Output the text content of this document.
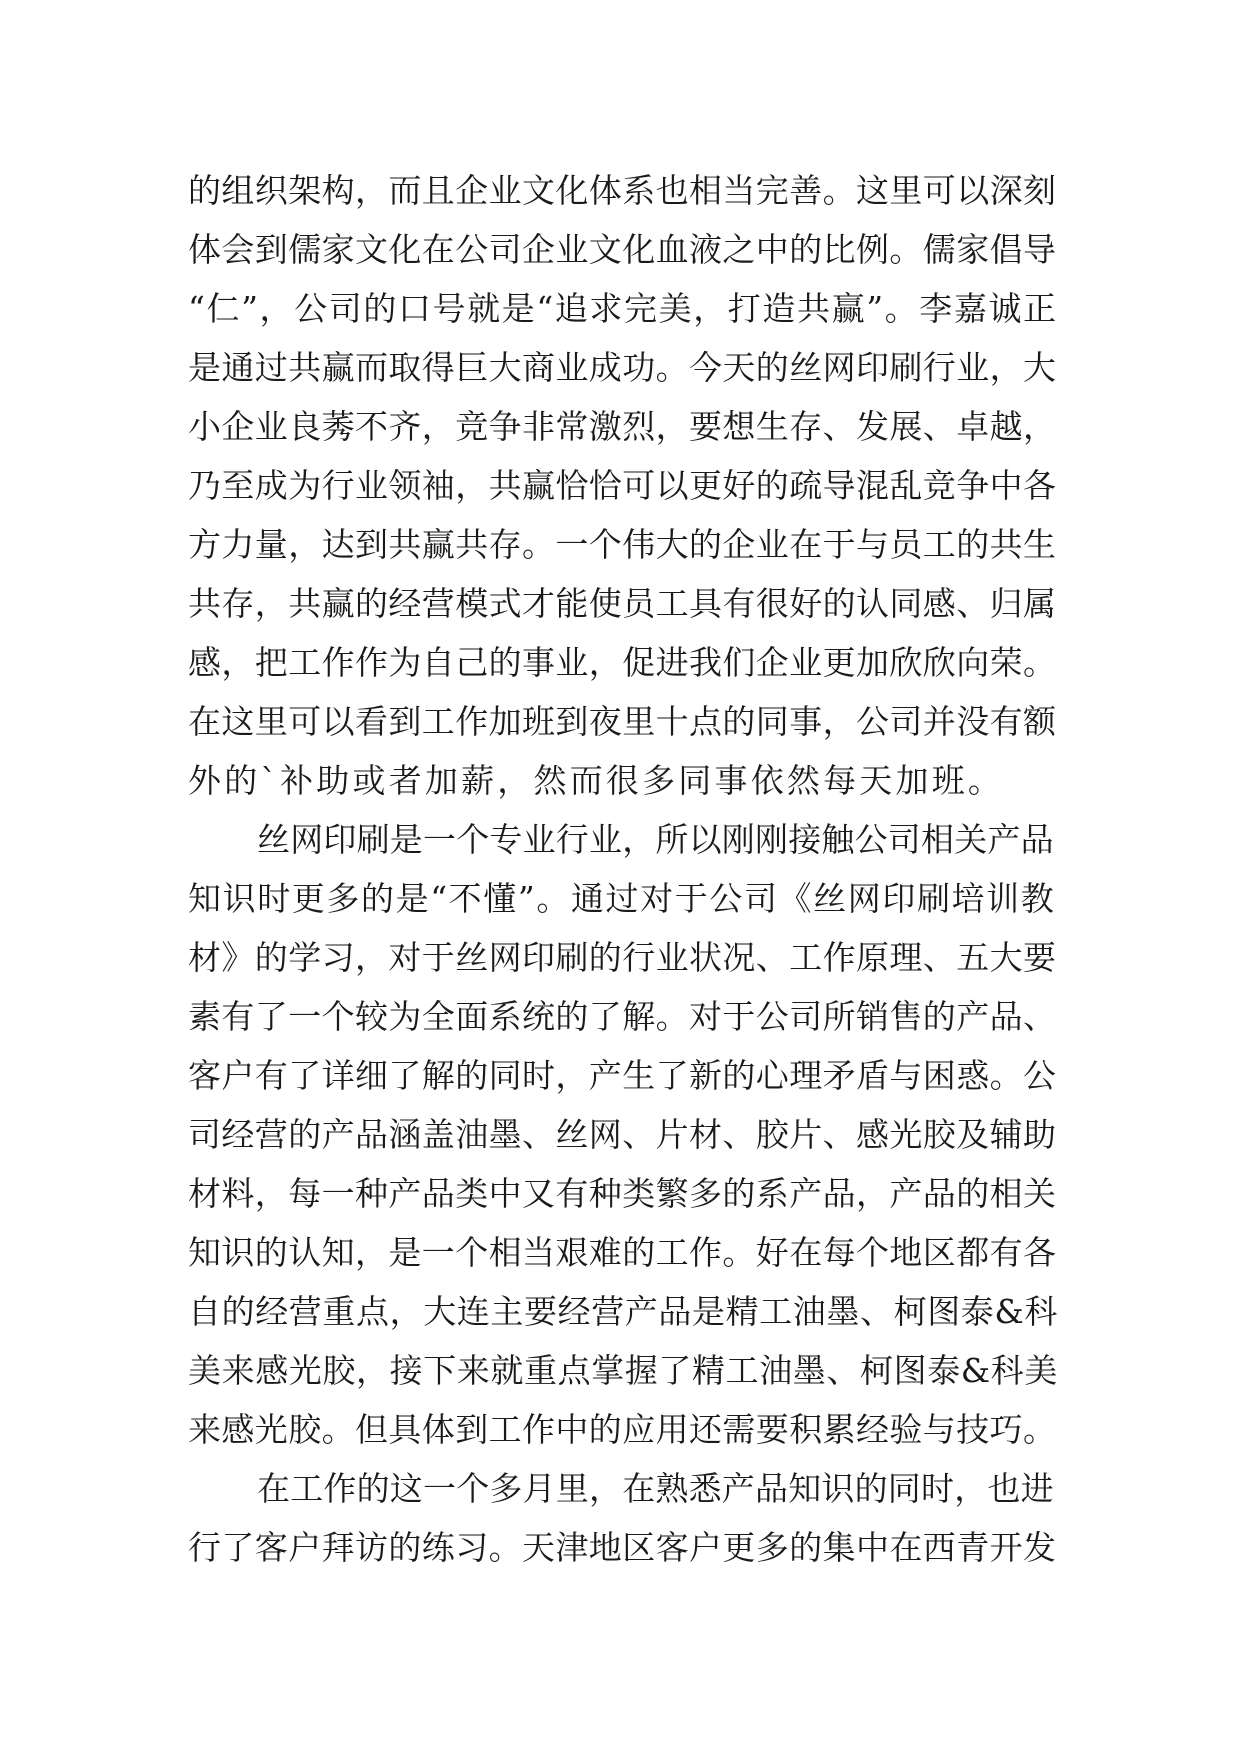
的组织架构，而且企业文化体系也相当完善。这里可以深刻
体会到儒家文化在公司企业文化血液之中的比例。儒家倡导
“仁”，公司的口号就是“追求完美，打造共赢”。李嘉诚正
是通过共赢而取得巨大商业成功。今天的丝网印刷行业，大
小企业良莠不齐，竞争非常激烈，要想生存、发展、卓越，
乃至成为行业领袖，共赢恰恰可以更好的疏导混乱竞争中各
方力量，达到共赢共存。一个伟大的企业在于与员工的共生
共存，共赢的经营模式才能使员工具有很好的认同感、归属
感，把工作作为自己的事业，促进我们企业更加欣欣向荣。
在这里可以看到工作加班到夜里十点的同事，公司并没有额
外的`补助或者加薪，然而很多同事依然每天加班。
丝网印刷是一个专业行业，所以刚刚接触公司相关产品
知识时更多的是“不懂”。通过对于公司《丝网印刷培训教
材》的学习，对于丝网印刷的行业状况、工作原理、五大要
素有了一个较为全面系统的了解。对于公司所销售的产品、
客户有了详细了解的同时，产生了新的心理矛盾与困惑。公
司经营的产品涵盖油墨、丝网、片材、胶片、感光胶及辅助
材料，每一种产品类中又有种类繁多的系产品，产品的相关
知识的认知，是一个相当艰难的工作。好在每个地区都有各
自的经营重点，大连主要经营产品是精工油墨、柯图泰&科
美来感光胶，接下来就重点掌握了精工油墨、柯图泰&科美
来感光胶。但具体到工作中的应用还需要积累经验与技巧。
在工作的这一个多月里，在熟悉产品知识的同时，也进
行了客户拜访的练习。天津地区客户更多的集中在西青开发
